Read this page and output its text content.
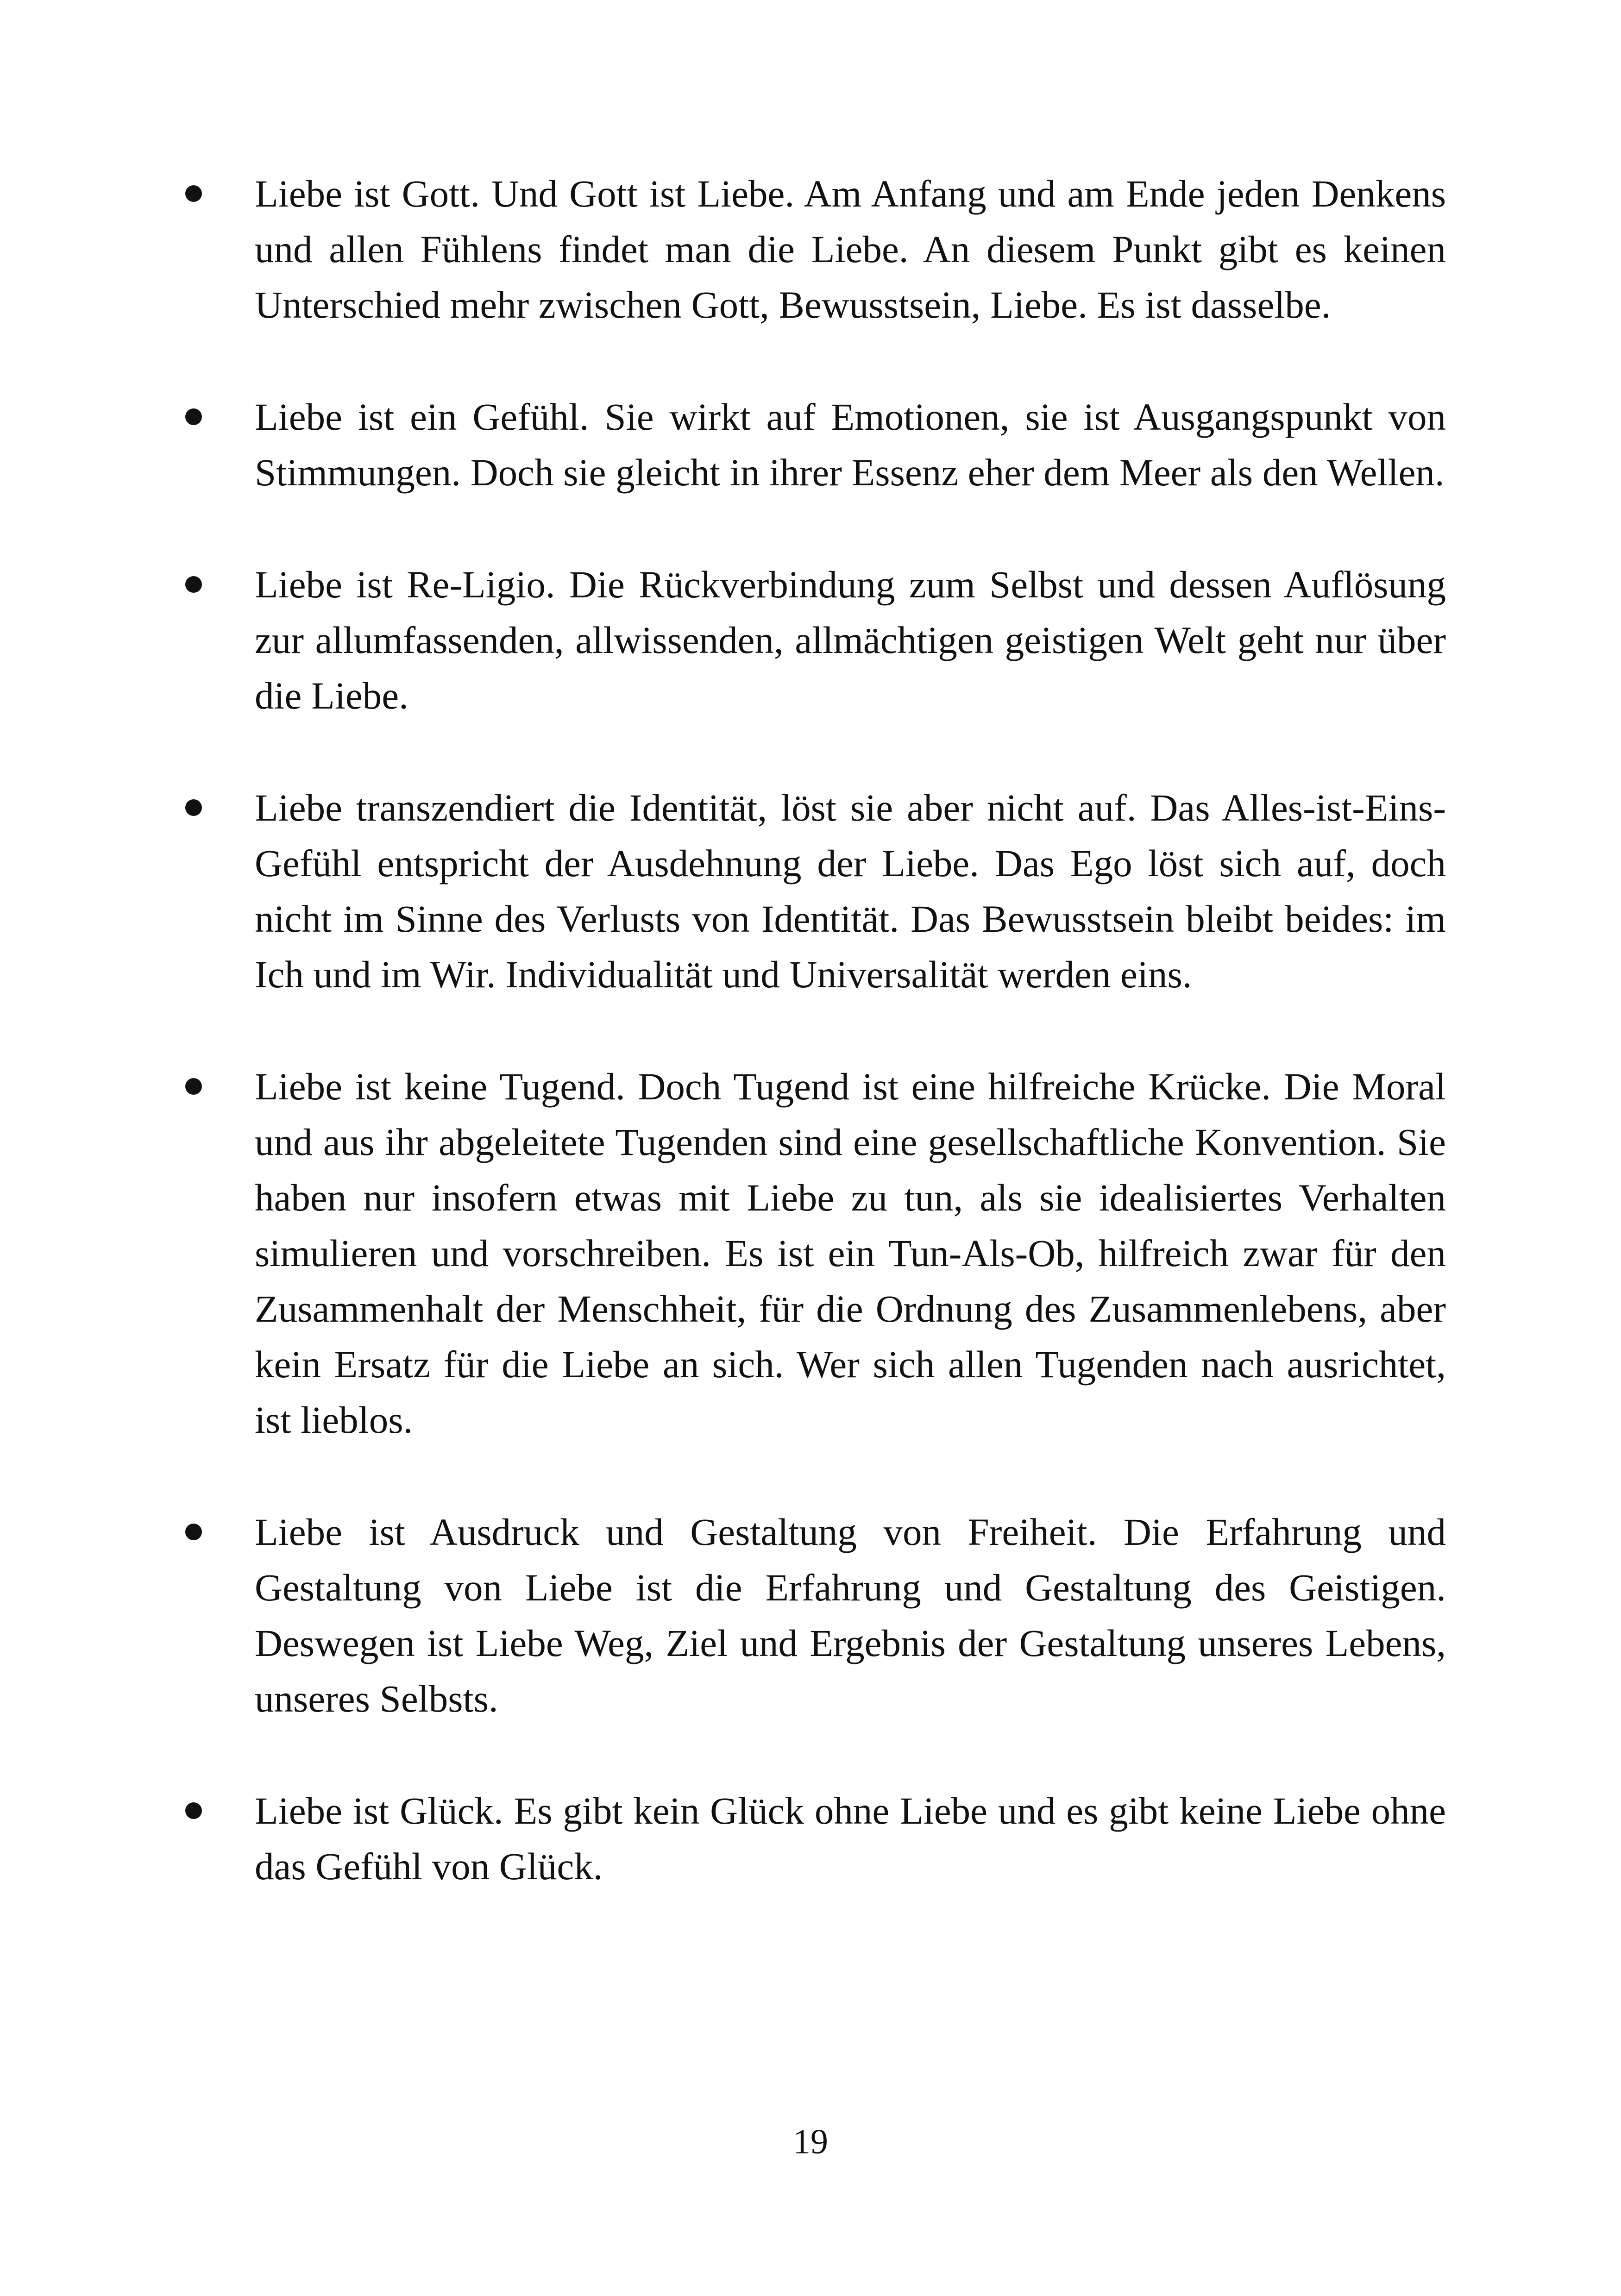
Liebe ist Gott. Und Gott ist Liebe. Am Anfang und am Ende jeden Denkens und allen Fühlens findet man die Liebe. An diesem Punkt gibt es keinen Unterschied mehr zwischen Gott, Bewusstsein, Liebe. Es ist dasselbe.
Liebe ist ein Gefühl. Sie wirkt auf Emotionen, sie ist Ausgangspunkt von Stimmungen. Doch sie gleicht in ihrer Essenz eher dem Meer als den Wellen.
Liebe ist Re-Ligio. Die Rückverbindung zum Selbst und dessen Auflösung zur allumfassenden, allwissenden, allmächtigen geistigen Welt geht nur über die Liebe.
Liebe transzendiert die Identität, löst sie aber nicht auf. Das Alles-ist-Eins-Gefühl entspricht der Ausdehnung der Liebe. Das Ego löst sich auf, doch nicht im Sinne des Verlusts von Identität. Das Bewusstsein bleibt beides: im Ich und im Wir. Individualität und Universalität werden eins.
Liebe ist keine Tugend. Doch Tugend ist eine hilfreiche Krücke. Die Moral und aus ihr abgeleitete Tugenden sind eine gesellschaftliche Konvention. Sie haben nur insofern etwas mit Liebe zu tun, als sie idealisiertes Verhalten simulieren und vorschreiben. Es ist ein Tun-Als-Ob, hilfreich zwar für den Zusammenhalt der Menschheit, für die Ordnung des Zusammenlebens, aber kein Ersatz für die Liebe an sich. Wer sich allen Tugenden nach ausrichtet, ist lieblos.
Liebe ist Ausdruck und Gestaltung von Freiheit. Die Erfahrung und Gestaltung von Liebe ist die Erfahrung und Gestaltung des Geistigen. Deswegen ist Liebe Weg, Ziel und Ergebnis der Gestaltung unseres Lebens, unseres Selbsts.
Liebe ist Glück. Es gibt kein Glück ohne Liebe und es gibt keine Liebe ohne das Gefühl von Glück.
19
